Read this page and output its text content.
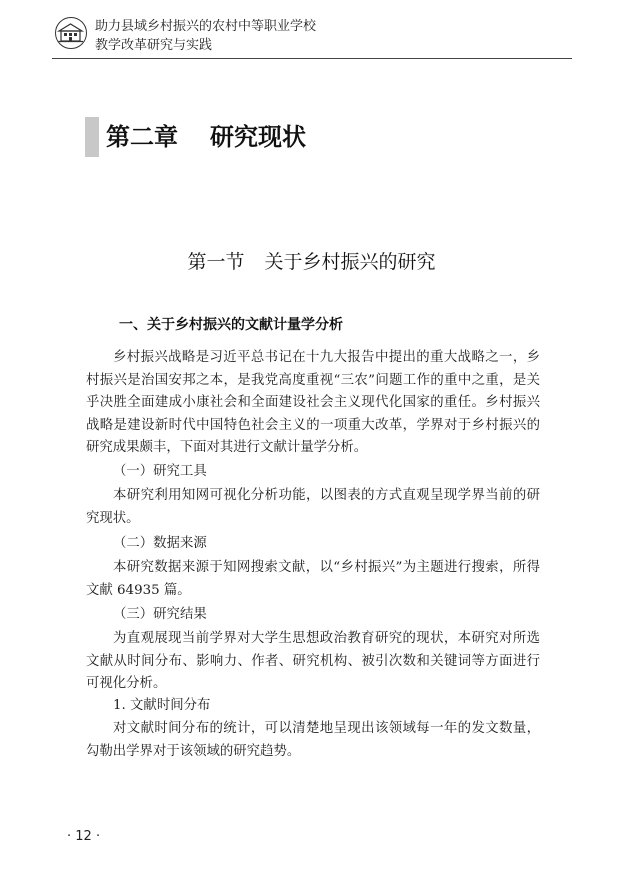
助力县域乡村振兴的农村中等职业学校
教学改革研究与实践
第二章 研究现状
第一节 关于乡村振兴的研究
一、关于乡村振兴的文献计量学分析

乡村振兴战略是习近平总书记在十九大报告中提出的重大战略之一，乡村振兴是治国安邦之本，是我党高度重视“三农”问题工作的重中之重，是关乎决胜全面建成小康社会和全面建设社会主义现代化国家的重任。乡村振兴战略是建设新时代中国特色社会主义的一项重大改革，学界对于乡村振兴的研究成果颇丰，下面对其进行文献计量学分析。

（一）研究工具

本研究利用知网可视化分析功能，以图表的方式直观呈现学界当前的研究现状。

（二）数据来源

本研究数据来源于知网搜索文献，以“乡村振兴”为主题进行搜索，所得文献 64935 篇。

（三）研究结果

为直观展现当前学界对大学生思想政治教育研究的现状，本研究对所选文献从时间分布、影响力、作者、研究机构、被引次数和关键词等方面进行可视化分析。

1. 文献时间分布

对文献时间分布的统计，可以清楚地呈现出该领域每一年的发文数量，勾勒出学界对于该领域的研究趋势。

· 12 ·
